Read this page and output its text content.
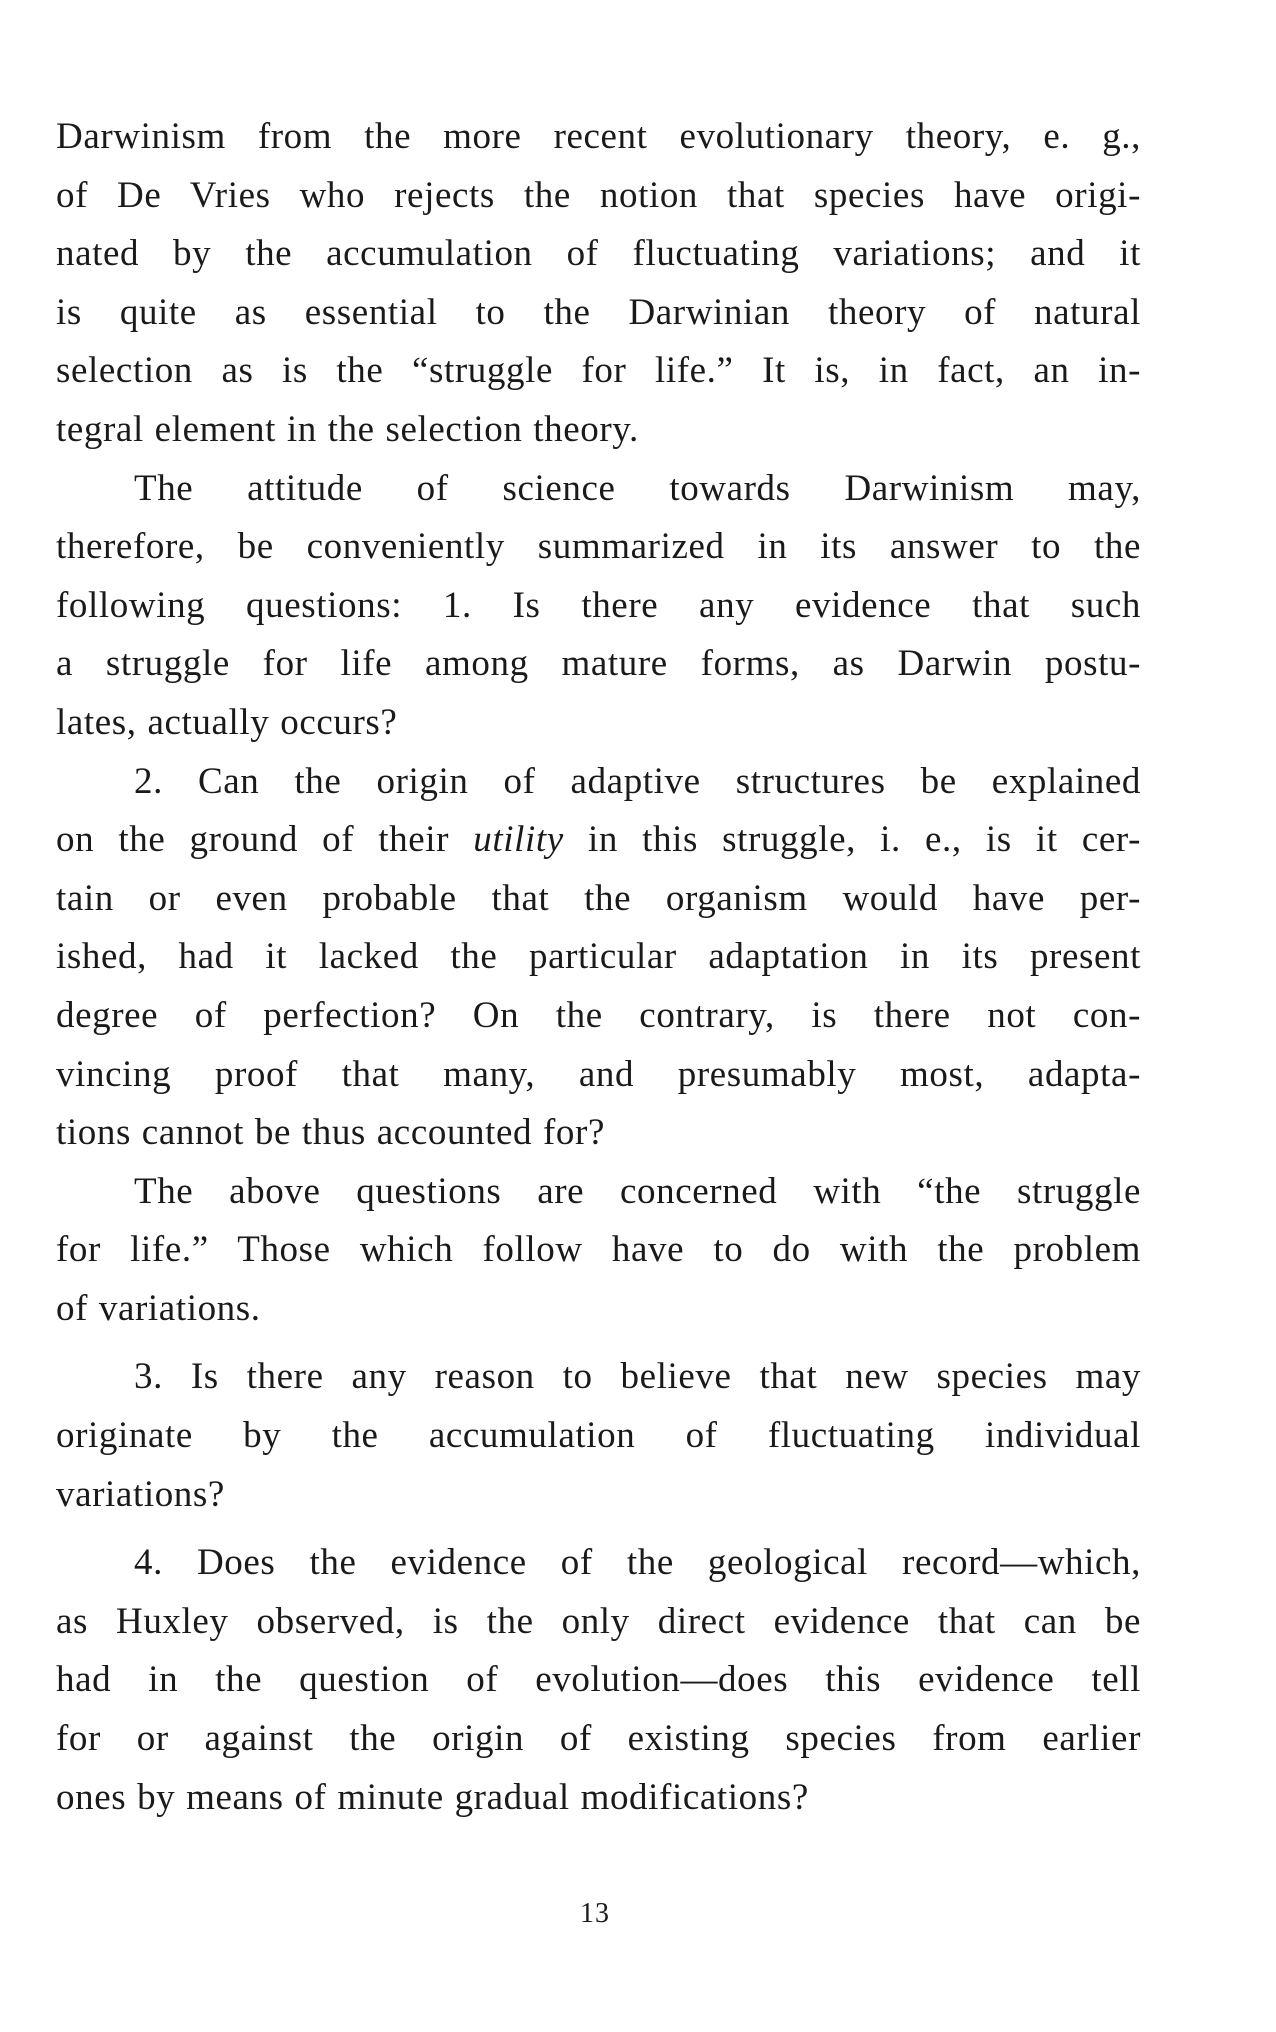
Darwinism from the more recent evolutionary theory, e. g.,
of De Vries who rejects the notion that species have origi-
nated by the accumulation of fluctuating variations; and it
is quite as essential to the Darwinian theory of natural
selection as is the “struggle for life.” It is, in fact, an in-
tegral element in the selection theory.

The attitude of science towards Darwinism may,
therefore, be conveniently summarized in its answer to the
following questions: 1. Is there any evidence that such
a struggle for life among mature forms, as Darwin postu-
lates, actually occurs?

2. Can the origin of adaptive structures be explained
on the ground of their utility in this struggle, i. e., is it cer-
tain or even probable that the organism would have per-
ished, had it lacked the particular adaptation in its present
degree of perfection? On the contrary, is there not con-
vincing proof that many, and presumably most, adapta-
tions cannot be thus accounted for?

The above questions are concerned with “the struggle
for life.” Those which follow have to do with the problem
of variations.

3. Is there any reason to believe that new species may
originate by the accumulation of fluctuating individual
variations?

4. Does the evidence of the geological record—which,
as Huxley observed, is the only direct evidence that can be
had in the question of evolution—does this evidence tell
for or against the origin of existing species from earlier
ones by means of minute gradual modifications?

13
